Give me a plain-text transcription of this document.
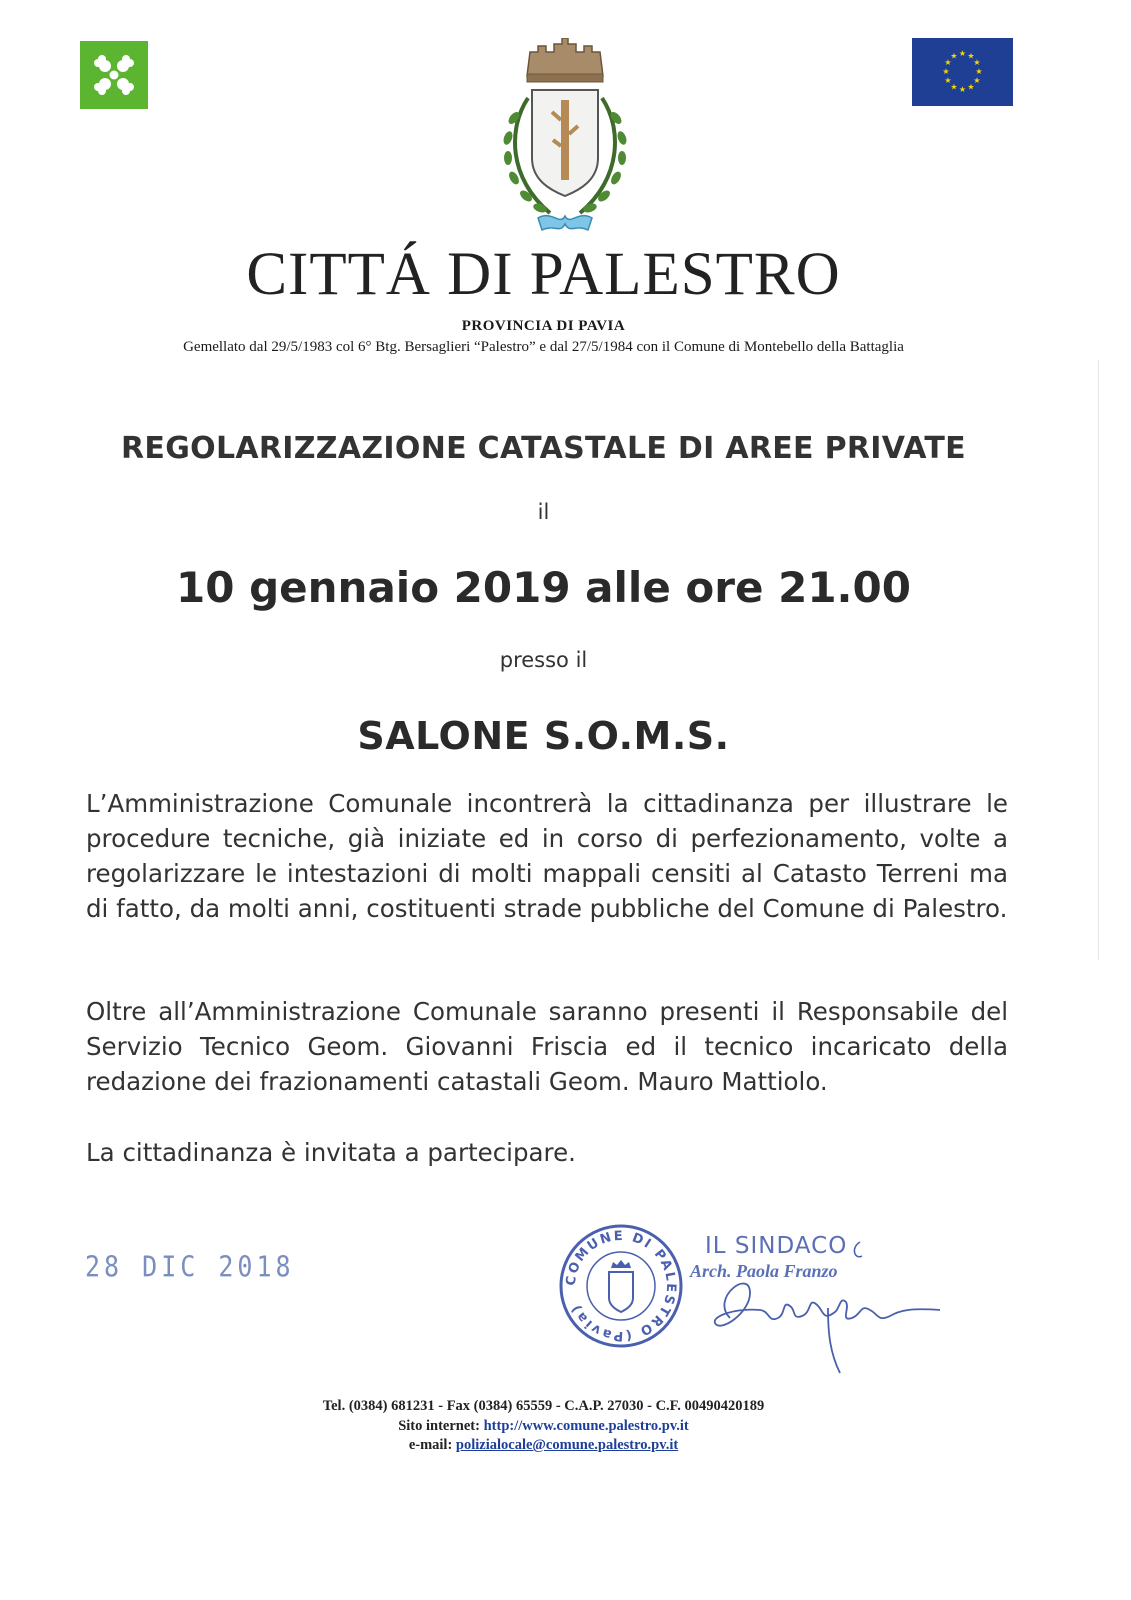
★ ★
★
★
★
★
★
★
★
★
★
★
CITTÁ DI PALESTRO
PROVINCIA DI PAVIA
Gemellato dal 29/5/1983 col 6° Btg. Bersaglieri “Palestro” e dal 27/5/1984 con il Comune di Montebello della Battaglia
REGOLARIZZAZIONE CATASTALE DI AREE PRIVATE
il
10 gennaio 2019 alle ore 21.00
presso il
SALONE S.O.M.S.
L’Amministrazione Comunale incontrerà la cittadinanza per illustrare le procedure tecniche, già iniziate ed in corso di perfezionamento, volte a regolarizzare le intestazioni di molti mappali censiti al Catasto Terreni ma di fatto, da molti anni, costituenti strade pubbliche del Comune di Palestro.
Oltre all’Amministrazione Comunale saranno presenti il Responsabile del Servizio Tecnico Geom. Giovanni Friscia ed il tecnico incaricato della redazione dei frazionamenti catastali Geom. Mauro Mattiolo.
La cittadinanza è invitata a partecipare.
28 DIC 2018	COMUNE DI PALESTRO (Pavia)
IL SINDACO
Arch. Paola Franzo
Tel. (0384) 681231 - Fax (0384) 65559 - C.A.P. 27030 - C.F. 00490420189
Sito internet: http://www.comune.palestro.pv.it
e-mail: polizialocale@comune.palestro.pv.it
